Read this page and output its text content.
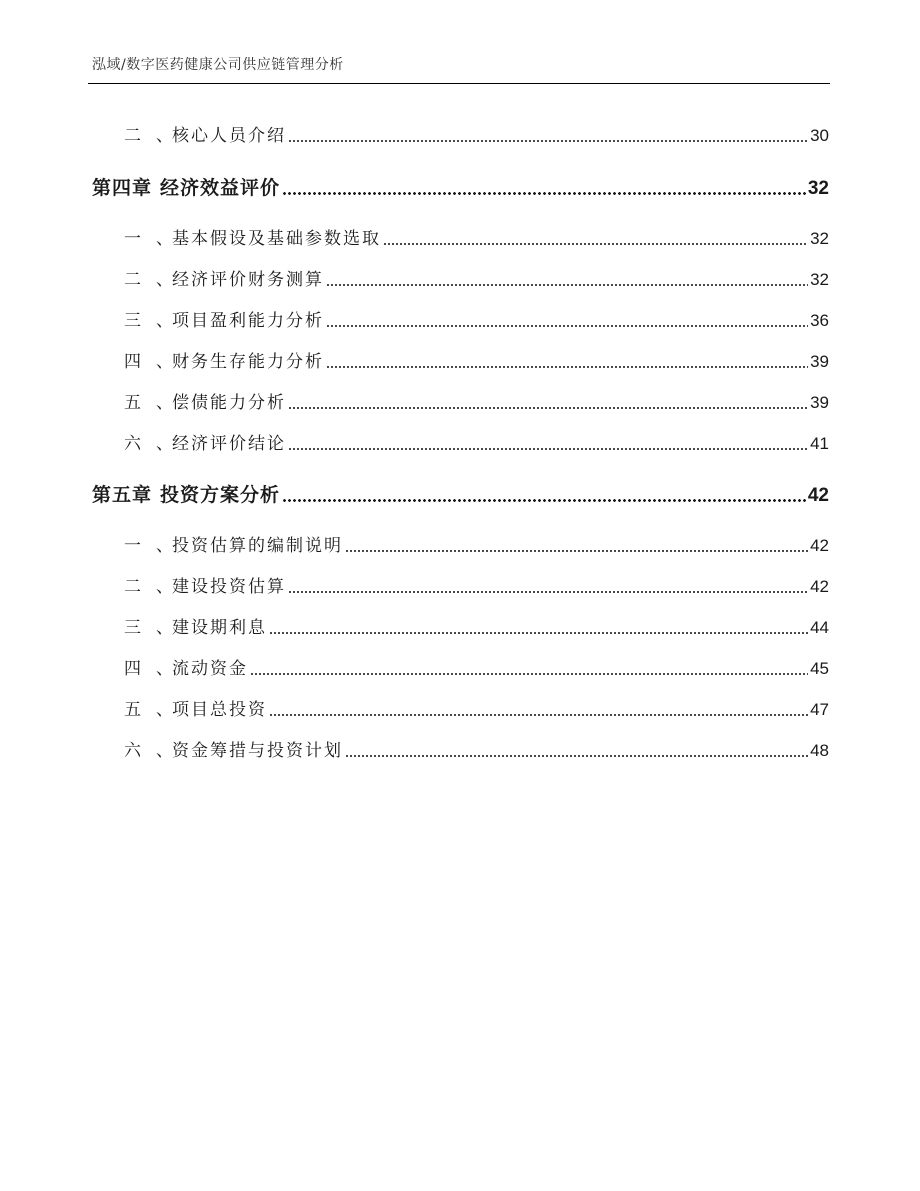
泓域/数字医药健康公司供应链管理分析
二 、 核心人员介绍	30
第四章 经济效益评价	32
一 、 基本假设及基础参数选取	32
二 、 经济评价财务测算	32
三 、 项目盈利能力分析	36
四 、 财务生存能力分析	39
五 、 偿债能力分析	39
六 、 经济评价结论	41
第五章 投资方案分析	42
一 、 投资估算的编制说明	42
二 、 建设投资估算	42
三 、 建设期利息	44
四 、 流动资金	45
五 、 项目总投资	47
六 、 资金筹措与投资计划	48
